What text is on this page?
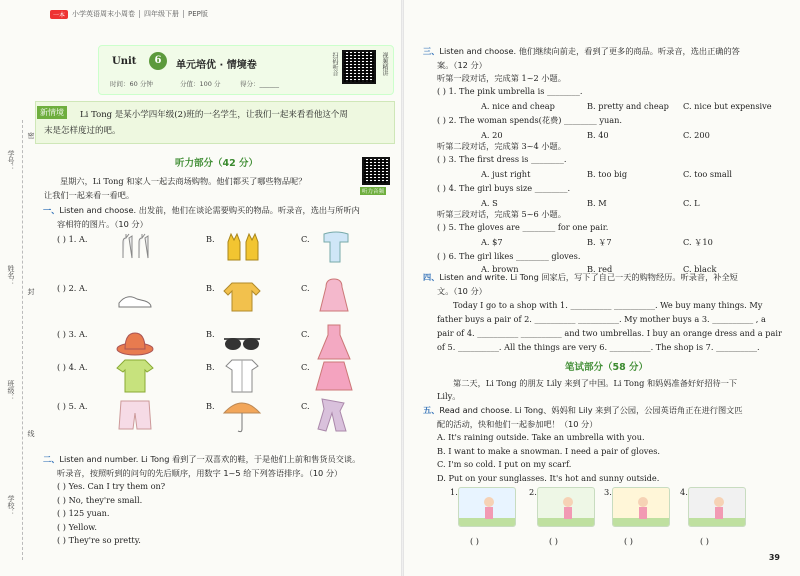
一本	小学英语周末小周卷 四年级下册 PEP版
学号：
姓名：
封
班级：
线
学校：
密
Unit	6	单元培优 · 情境卷
时间：60 分钟	分值：100 分	得分：______
扫码听音	视频精讲
新情境	Li Tong 是某小学四年级(2)班的一名学生，让我们一起来看看他这个周
末是怎样度过的吧。
听力部分（42 分）
听力音频
星期六，Li Tong 和家人一起去商场购物。他们都买了哪些物品呢？
让我们一起来看一看吧。
一、Listen and choose. 出发前，他们在谈论需要购买的物品。听录音，选出与所听内
容相符的图片。（10 分）
( ) 1. A.	B.	C.
( ) 2. A.	B.	C.
( ) 3. A.	B.	C.
( ) 4. A.	B.	C.
( ) 5. A.	B.	C.
二、Listen and number. Li Tong 看到了一双喜欢的鞋，于是他们上前和售货员交谈。
听录音，按照听到的问句的先后顺序，用数字 1~5 给下列答语排序。（10 分）
( ) Yes. Can I try them on?
( ) No, they're small.
( ) 125 yuan.
( ) Yellow.
( ) They're so pretty.
三、Listen and choose. 他们继续向前走，看到了更多的商品。听录音，选出正确的答
案。（12 分）
听第一段对话，完成第 1~2 小题。
听第二段对话，完成第 3~4 小题。
听第三段对话，完成第 5~6 小题。
( ) 1. The pink umbrella is ________.
A. nice and cheap	B. pretty and cheap C. nice but expensive
( ) 2. The woman spends(花费) ________ yuan.
A. 20	B. 40	C. 200
( ) 3. The first dress is ________.
A. just right	B. too big	C. too small
( ) 4. The girl buys size ________.
A. S	B. M	C. L
( ) 5. The gloves are ________ for one pair.
A. $7	B. ￥7	C. ￥10
( ) 6. The girl likes ________ gloves.
A. brown	B. red	C. black
四、Listen and write. Li Tong 回家后，写下了自己一天的购物经历。听录音，补全短
文。（10 分）
Today I go to a shop with 1. __________ __________. We buy many things. My
father buys a pair of 2. __________ __________. My mother buys a 3. __________ , a
pair of 4. __________ __________ and two umbrellas. I buy an orange dress and a pair
of 5. __________. All the things are very 6. __________. The shop is 7. __________.
笔试部分（58 分）
第二天，Li Tong 的朋友 Lily 来到了中国。Li Tong 和妈妈准备好好招待一下
Lily。
五、Read and choose. Li Tong、妈妈和 Lily 来到了公园，公园英语角正在进行图文匹
配的活动，快和他们一起参加吧！（10 分）
A. It's raining outside. Take an umbrella with you.
B. I want to make a snowman. I need a pair of gloves.
C. I'm so cold. I put on my scarf.
D. Put on your sunglasses. It's hot and sunny outside.
1.
( )
2.
( )
3.
( )
4.
( )
39
